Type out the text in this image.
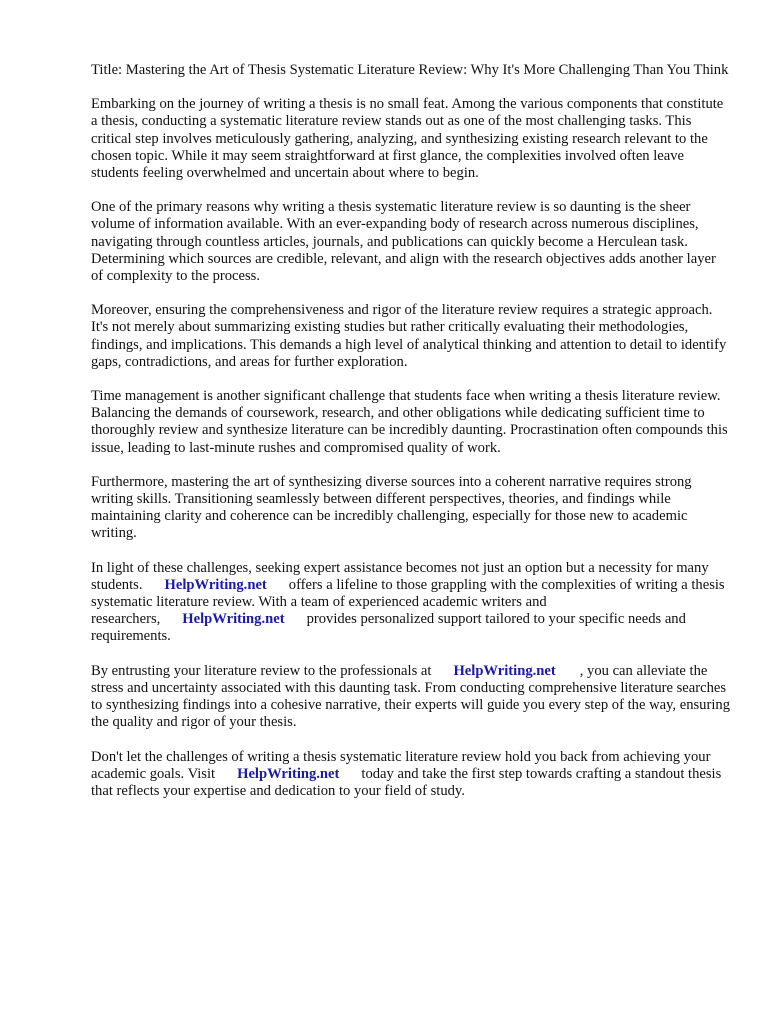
Title: Mastering the Art of Thesis Systematic Literature Review: Why It's More Challenging Than You Think

Embarking on the journey of writing a thesis is no small feat. Among the various components that constitute a thesis, conducting a systematic literature review stands out as one of the most challenging tasks. This critical step involves meticulously gathering, analyzing, and synthesizing existing research relevant to the chosen topic. While it may seem straightforward at first glance, the complexities involved often leave students feeling overwhelmed and uncertain about where to begin.

One of the primary reasons why writing a thesis systematic literature review is so daunting is the sheer volume of information available. With an ever-expanding body of research across numerous disciplines, navigating through countless articles, journals, and publications can quickly become a Herculean task. Determining which sources are credible, relevant, and align with the research objectives adds another layer of complexity to the process.

Moreover, ensuring the comprehensiveness and rigor of the literature review requires a strategic approach. It's not merely about summarizing existing studies but rather critically evaluating their methodologies, findings, and implications. This demands a high level of analytical thinking and attention to detail to identify gaps, contradictions, and areas for further exploration.

Time management is another significant challenge that students face when writing a thesis literature review. Balancing the demands of coursework, research, and other obligations while dedicating sufficient time to thoroughly review and synthesize literature can be incredibly daunting. Procrastination often compounds this issue, leading to last-minute rushes and compromised quality of work.

Furthermore, mastering the art of synthesizing diverse sources into a coherent narrative requires strong writing skills. Transitioning seamlessly between different perspectives, theories, and findings while maintaining clarity and coherence can be incredibly challenging, especially for those new to academic writing.

In light of these challenges, seeking expert assistance becomes not just an option but a necessity for many students. HelpWriting.net offers a lifeline to those grappling with the complexities of writing a thesis systematic literature review. With a team of experienced academic writers and researchers, HelpWriting.net provides personalized support tailored to your specific needs and requirements.

By entrusting your literature review to the professionals at HelpWriting.net , you can alleviate the stress and uncertainty associated with this daunting task. From conducting comprehensive literature searches to synthesizing findings into a cohesive narrative, their experts will guide you every step of the way, ensuring the quality and rigor of your thesis.

Don't let the challenges of writing a thesis systematic literature review hold you back from achieving your academic goals. Visit HelpWriting.net today and take the first step towards crafting a standout thesis that reflects your expertise and dedication to your field of study.
